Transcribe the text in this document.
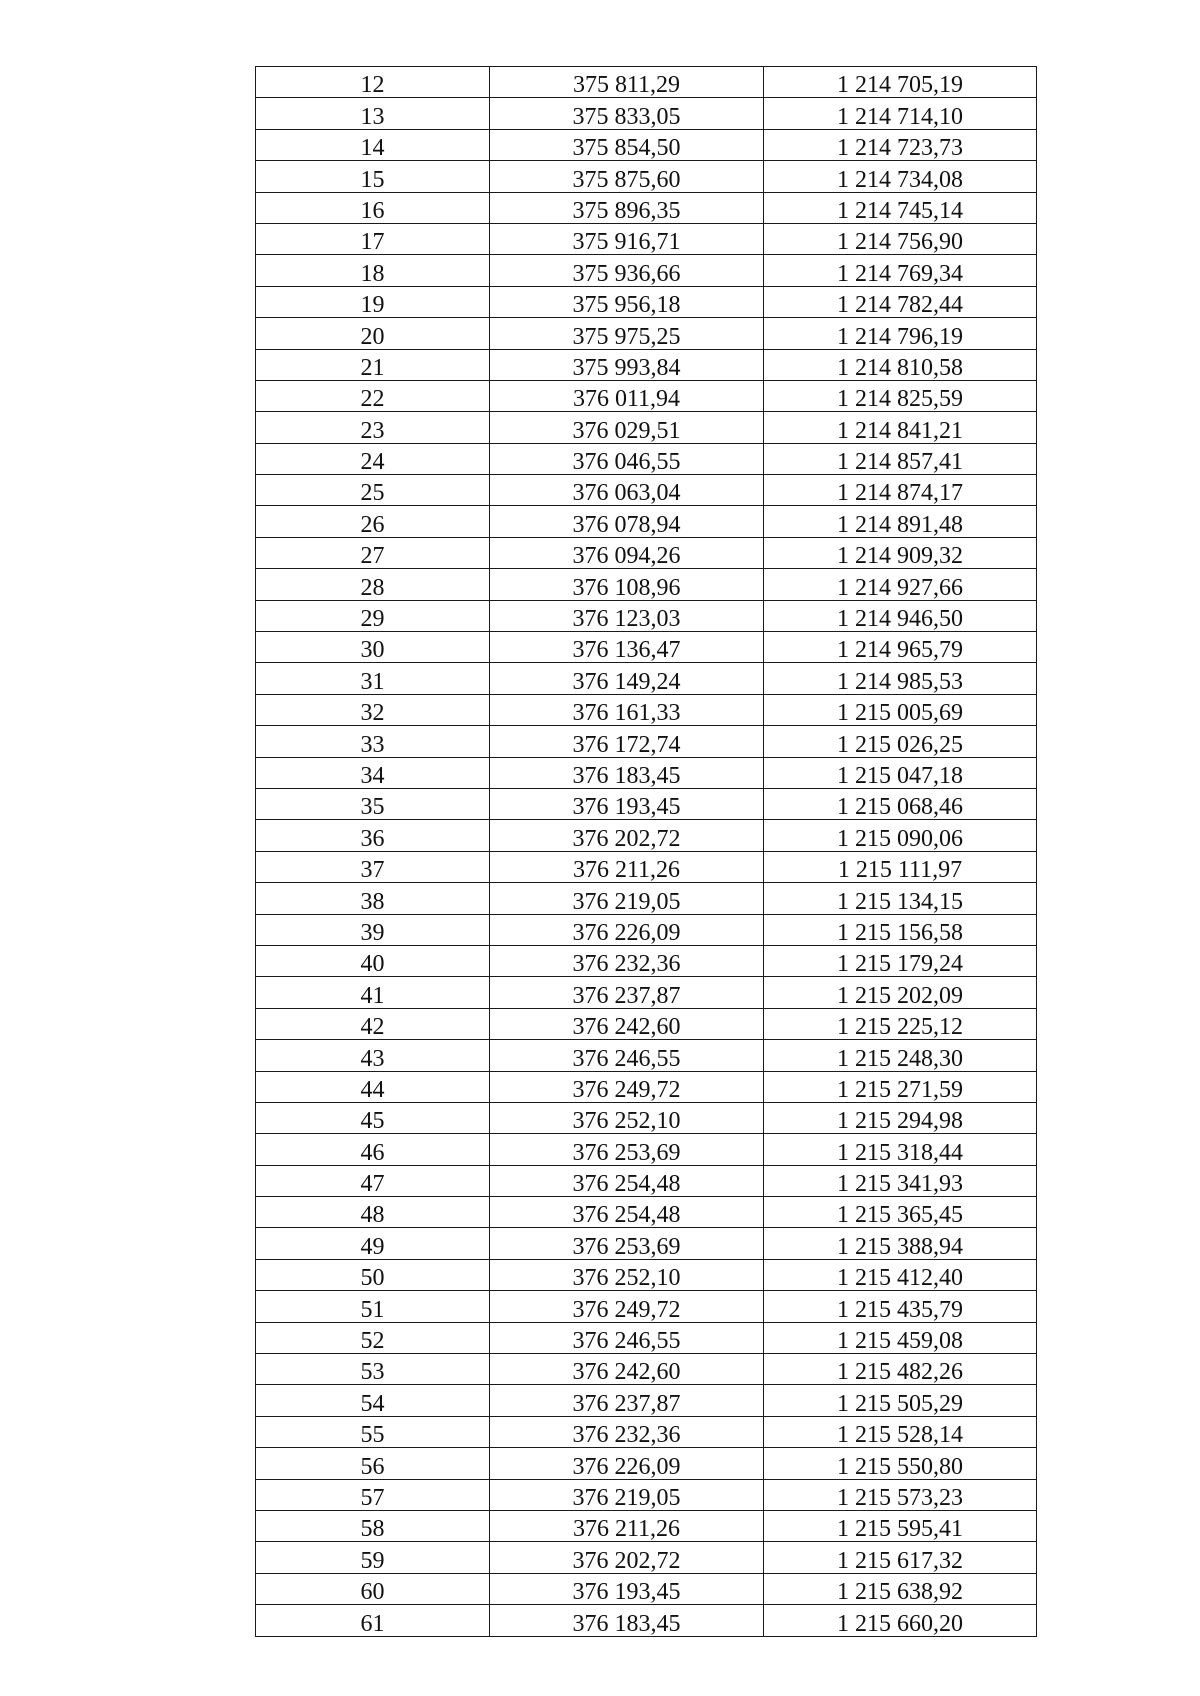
12	375 811,29	1 214 705,19
13	375 833,05	1 214 714,10
14	375 854,50	1 214 723,73
15	375 875,60	1 214 734,08
16	375 896,35	1 214 745,14
17	375 916,71	1 214 756,90
18	375 936,66	1 214 769,34
19	375 956,18	1 214 782,44
20	375 975,25	1 214 796,19
21	375 993,84	1 214 810,58
22	376 011,94	1 214 825,59
23	376 029,51	1 214 841,21
24	376 046,55	1 214 857,41
25	376 063,04	1 214 874,17
26	376 078,94	1 214 891,48
27	376 094,26	1 214 909,32
28	376 108,96	1 214 927,66
29	376 123,03	1 214 946,50
30	376 136,47	1 214 965,79
31	376 149,24	1 214 985,53
32	376 161,33	1 215 005,69
33	376 172,74	1 215 026,25
34	376 183,45	1 215 047,18
35	376 193,45	1 215 068,46
36	376 202,72	1 215 090,06
37	376 211,26	1 215 111,97
38	376 219,05	1 215 134,15
39	376 226,09	1 215 156,58
40	376 232,36	1 215 179,24
41	376 237,87	1 215 202,09
42	376 242,60	1 215 225,12
43	376 246,55	1 215 248,30
44	376 249,72	1 215 271,59
45	376 252,10	1 215 294,98
46	376 253,69	1 215 318,44
47	376 254,48	1 215 341,93
48	376 254,48	1 215 365,45
49	376 253,69	1 215 388,94
50	376 252,10	1 215 412,40
51	376 249,72	1 215 435,79
52	376 246,55	1 215 459,08
53	376 242,60	1 215 482,26
54	376 237,87	1 215 505,29
55	376 232,36	1 215 528,14
56	376 226,09	1 215 550,80
57	376 219,05	1 215 573,23
58	376 211,26	1 215 595,41
59	376 202,72	1 215 617,32
60	376 193,45	1 215 638,92
61	376 183,45	1 215 660,20
